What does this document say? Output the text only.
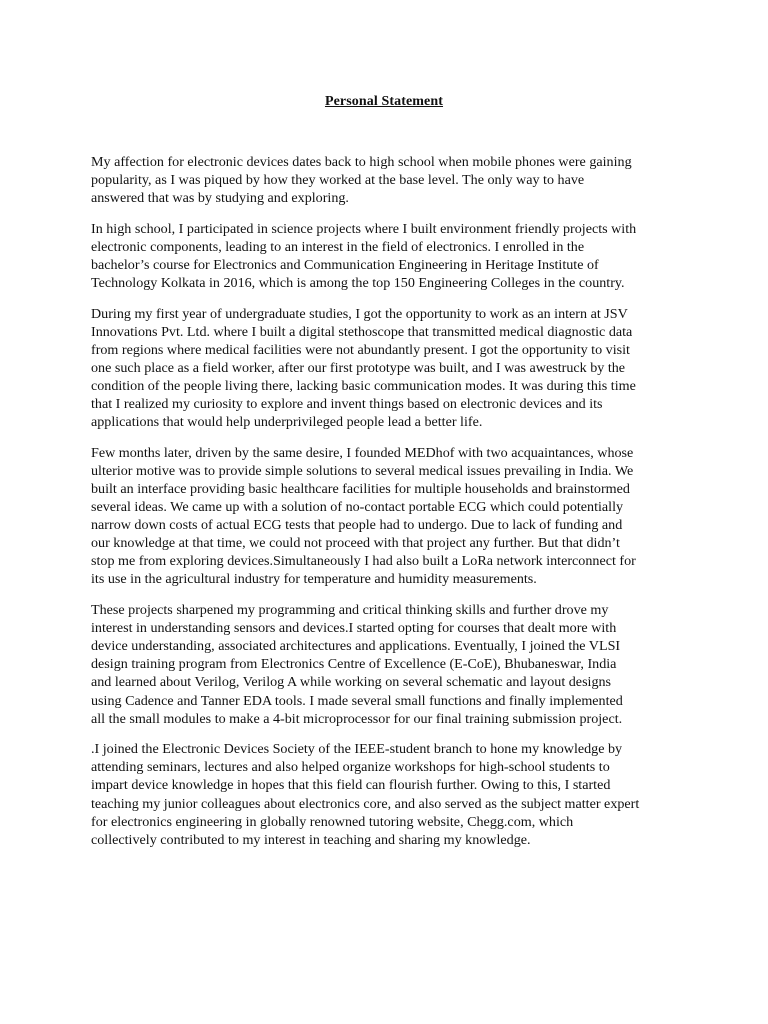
Personal Statement

My affection for electronic devices dates back to high school when mobile phones were gaining
popularity, as I was piqued by how they worked at the base level. The only way to have
answered that was by studying and exploring.

In high school, I participated in science projects where I built environment friendly projects with
electronic components, leading to an interest in the field of electronics. I enrolled in the
bachelor’s course for Electronics and Communication Engineering in Heritage Institute of
Technology Kolkata in 2016, which is among the top 150 Engineering Colleges in the country.

During my first year of undergraduate studies, I got the opportunity to work as an intern at JSV
Innovations Pvt. Ltd. where I built a digital stethoscope that transmitted medical diagnostic data
from regions where medical facilities were not abundantly present. I got the opportunity to visit
one such place as a field worker, after our first prototype was built, and I was awestruck by the
condition of the people living there, lacking basic communication modes. It was during this time
that I realized my curiosity to explore and invent things based on electronic devices and its
applications that would help underprivileged people lead a better life.

Few months later, driven by the same desire, I founded MEDhof with two acquaintances, whose
ulterior motive was to provide simple solutions to several medical issues prevailing in India. We
built an interface providing basic healthcare facilities for multiple households and brainstormed
several ideas. We came up with a solution of no-contact portable ECG which could potentially
narrow down costs of actual ECG tests that people had to undergo. Due to lack of funding and
our knowledge at that time, we could not proceed with that project any further. But that didn’t
stop me from exploring devices.Simultaneously I had also built a LoRa network interconnect for
its use in the agricultural industry for temperature and humidity measurements.

These projects sharpened my programming and critical thinking skills and further drove my
interest in understanding sensors and devices.I started opting for courses that dealt more with
device understanding, associated architectures and applications. Eventually, I joined the VLSI
design training program from Electronics Centre of Excellence (E-CoE), Bhubaneswar, India
and learned about Verilog, Verilog A while working on several schematic and layout designs
using Cadence and Tanner EDA tools. I made several small functions and finally implemented
all the small modules to make a 4-bit microprocessor for our final training submission project.

.I joined the Electronic Devices Society of the IEEE-student branch to hone my knowledge by
attending seminars, lectures and also helped organize workshops for high-school students to
impart device knowledge in hopes that this field can flourish further. Owing to this, I started
teaching my junior colleagues about electronics core, and also served as the subject matter expert
for electronics engineering in globally renowned tutoring website, Chegg.com, which
collectively contributed to my interest in teaching and sharing my knowledge.
